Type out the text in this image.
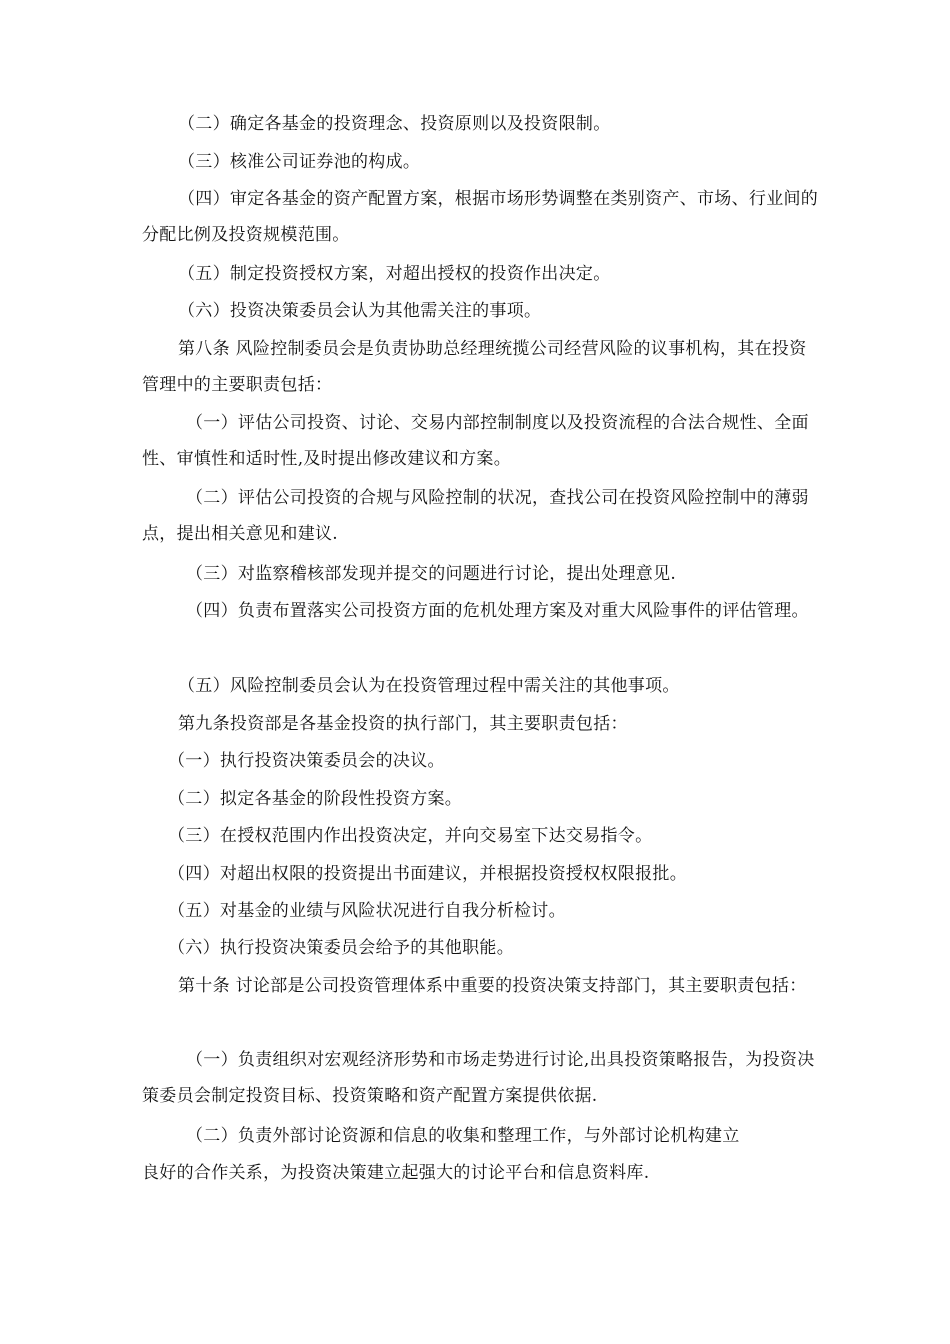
（二）确定各基金的投资理念、投资原则以及投资限制。

（三）核准公司证券池的构成。

（四）审定各基金的资产配置方案，根据市场形势调整在类别资产、市场、行业间的分配比例及投资规模范围。

（五）制定投资授权方案，对超出授权的投资作出决定。

（六）投资决策委员会认为其他需关注的事项。

第八条 风险控制委员会是负责协助总经理统揽公司经营风险的议事机构，其在投资管理中的主要职责包括：

（一）评估公司投资、讨论、交易内部控制制度以及投资流程的合法合规性、全面性、审慎性和适时性,及时提出修改建议和方案。

（二）评估公司投资的合规与风险控制的状况，查找公司在投资风险控制中的薄弱点，提出相关意见和建议.

（三）对监察稽核部发现并提交的问题进行讨论，提出处理意见.

（四）负责布置落实公司投资方面的危机处理方案及对重大风险事件的评估管理。

（五）风险控制委员会认为在投资管理过程中需关注的其他事项。

第九条投资部是各基金投资的执行部门，其主要职责包括：

（一）执行投资决策委员会的决议。

（二）拟定各基金的阶段性投资方案。

（三）在授权范围内作出投资决定，并向交易室下达交易指令。

（四）对超出权限的投资提出书面建议，并根据投资授权权限报批。

（五）对基金的业绩与风险状况进行自我分析检讨。

（六）执行投资决策委员会给予的其他职能。

第十条 讨论部是公司投资管理体系中重要的投资决策支持部门，其主要职责包括：

（一）负责组织对宏观经济形势和市场走势进行讨论,出具投资策略报告，为投资决策委员会制定投资目标、投资策略和资产配置方案提供依据.

（二）负责外部讨论资源和信息的收集和整理工作，与外部讨论机构建立

良好的合作关系，为投资决策建立起强大的讨论平台和信息资料库.
